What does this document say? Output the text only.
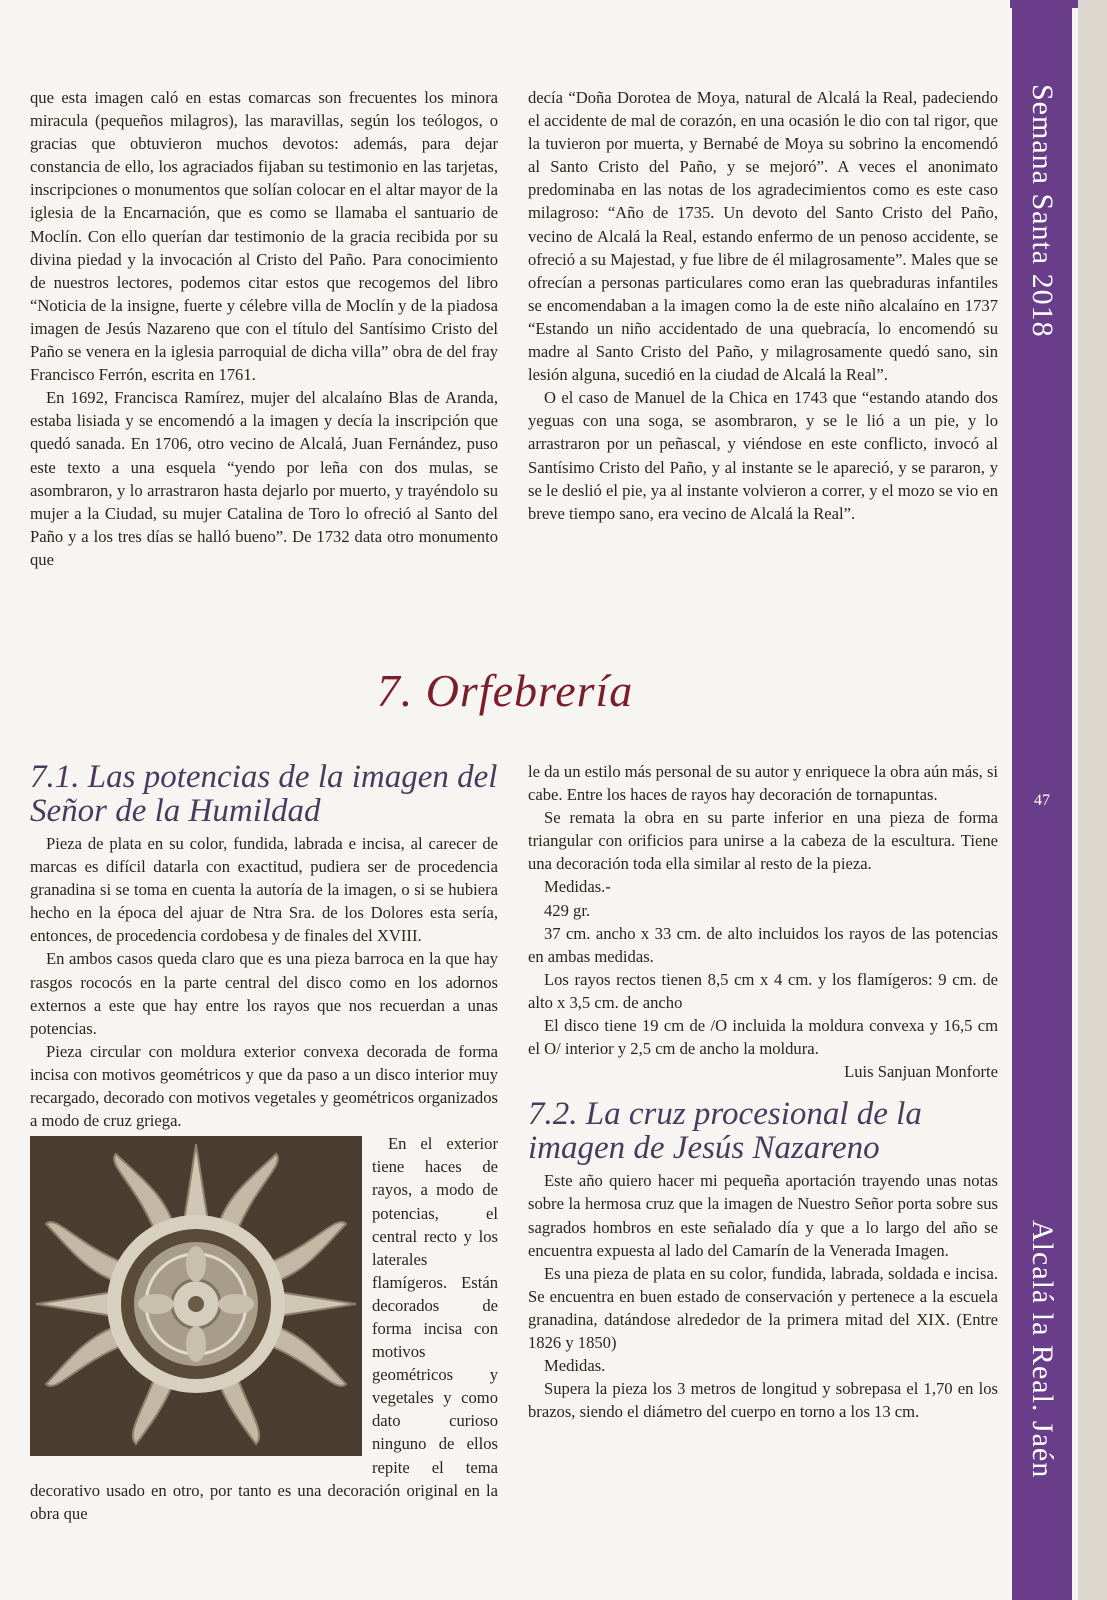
Semana Santa 2018
47
Alcalá la Real. Jaén

que esta imagen caló en estas comarcas son frecuentes los minora miracula (pequeños milagros), las maravillas, según los teólogos, o gracias que obtuvieron muchos devotos: además, para dejar constancia de ello, los agraciados fijaban su testimonio en las tarjetas, inscripciones o monumentos que solían colocar en el altar mayor de la iglesia de la Encarnación, que es como se llamaba el santuario de Moclín. Con ello querían dar testimonio de la gracia recibida por su divina piedad y la invocación al Cristo del Paño. Para conocimiento de nuestros lectores, podemos citar estos que recogemos del libro “Noticia de la insigne, fuerte y célebre villa de Moclín y de la piadosa imagen de Jesús Nazareno que con el título del Santísimo Cristo del Paño se venera en la iglesia parroquial de dicha villa” obra de del fray Francisco Ferrón, escrita en 1761.

En 1692, Francisca Ramírez, mujer del alcalaíno Blas de Aranda, estaba lisiada y se encomendó a la imagen y decía la inscripción que quedó sanada. En 1706, otro vecino de Alcalá, Juan Fernández, puso este texto a una esquela “yendo por leña con dos mulas, se asombraron, y lo arrastraron hasta dejarlo por muerto, y trayéndolo su mujer a la Ciudad, su mujer Catalina de Toro lo ofreció al Santo del Paño y a los tres días se halló bueno”. De 1732 data otro monumento que

decía “Doña Dorotea de Moya, natural de Alcalá la Real, padeciendo el accidente de mal de corazón, en una ocasión le dio con tal rigor, que la tuvieron por muerta, y Bernabé de Moya su sobrino la encomendó al Santo Cristo del Paño, y se mejoró”. A veces el anonimato predominaba en las notas de los agradecimientos como es este caso milagroso: “Año de 1735. Un devoto del Santo Cristo del Paño, vecino de Alcalá la Real, estando enfermo de un penoso accidente, se ofreció a su Majestad, y fue libre de él milagrosamente”. Males que se ofrecían a personas particulares como eran las quebraduras infantiles se encomendaban a la imagen como la de este niño alcalaíno en 1737 “Estando un niño accidentado de una quebracía, lo encomendó su madre al Santo Cristo del Paño, y milagrosamente quedó sano, sin lesión alguna, sucedió en la ciudad de Alcalá la Real”.

O el caso de Manuel de la Chica en 1743 que “estando atando dos yeguas con una soga, se asombraron, y se le lió a un pie, y lo arrastraron por un peñascal, y viéndose en este conflicto, invocó al Santísimo Cristo del Paño, y al instante se le apareció, y se pararon, y se le deslió el pie, ya al instante volvieron a correr, y el mozo se vio en breve tiempo sano, era vecino de Alcalá la Real”.

7. Orfebrería
7.1. Las potencias de la imagen del Señor de la Humildad

Pieza de plata en su color, fundida, labrada e incisa, al carecer de marcas es difícil datarla con exactitud, pudiera ser de procedencia granadina si se toma en cuenta la autoría de la imagen, o si se hubiera hecho en la época del ajuar de Ntra Sra. de los Dolores esta sería, entonces, de procedencia cordobesa y de finales del XVIII.

En ambos casos queda claro que es una pieza barroca en la que hay rasgos rococós en la parte central del disco como en los adornos externos a este que hay entre los rayos que nos recuerdan a unas potencias.

Pieza circular con moldura exterior convexa decorada de forma incisa con motivos geométricos y que da paso a un disco interior muy recargado, decorado con motivos vegetales y geométricos organizados a modo de cruz griega.

En el exterior tiene haces de rayos, a modo de potencias, el central recto y los laterales flamígeros. Están decorados de forma incisa con motivos geométricos y vegetales y como dato curioso ninguno de ellos repite el tema decorativo usado en otro, por tanto es una decoración original en la obra que

le da un estilo más personal de su autor y enriquece la obra aún más, si cabe. Entre los haces de rayos hay decoración de tornapuntas.

Se remata la obra en su parte inferior en una pieza de forma triangular con orificios para unirse a la cabeza de la escultura. Tiene una decoración toda ella similar al resto de la pieza.

Medidas.-

429 gr.

37 cm. ancho x 33 cm. de alto incluidos los rayos de las potencias en ambas medidas.

Los rayos rectos tienen 8,5 cm x 4 cm. y los flamígeros: 9 cm. de alto x 3,5 cm. de ancho

El disco tiene 19 cm de /O incluida la moldura convexa y 16,5 cm el O/ interior y 2,5 cm de ancho la moldura.

Luis Sanjuan Monforte

7.2. La cruz procesional de la imagen de Jesús Nazareno

Este año quiero hacer mi pequeña aportación trayendo unas notas sobre la hermosa cruz que la imagen de Nuestro Señor porta sobre sus sagrados hombros en este señalado día y que a lo largo del año se encuentra expuesta al lado del Camarín de la Venerada Imagen.

Es una pieza de plata en su color, fundida, labrada, soldada e incisa. Se encuentra en buen estado de conservación y pertenece a la escuela granadina, datándose alrededor de la primera mitad del XIX. (Entre 1826 y 1850)

Medidas.

Supera la pieza los 3 metros de longitud y sobrepasa el 1,70 en los brazos, siendo el diámetro del cuerpo en torno a los 13 cm.
